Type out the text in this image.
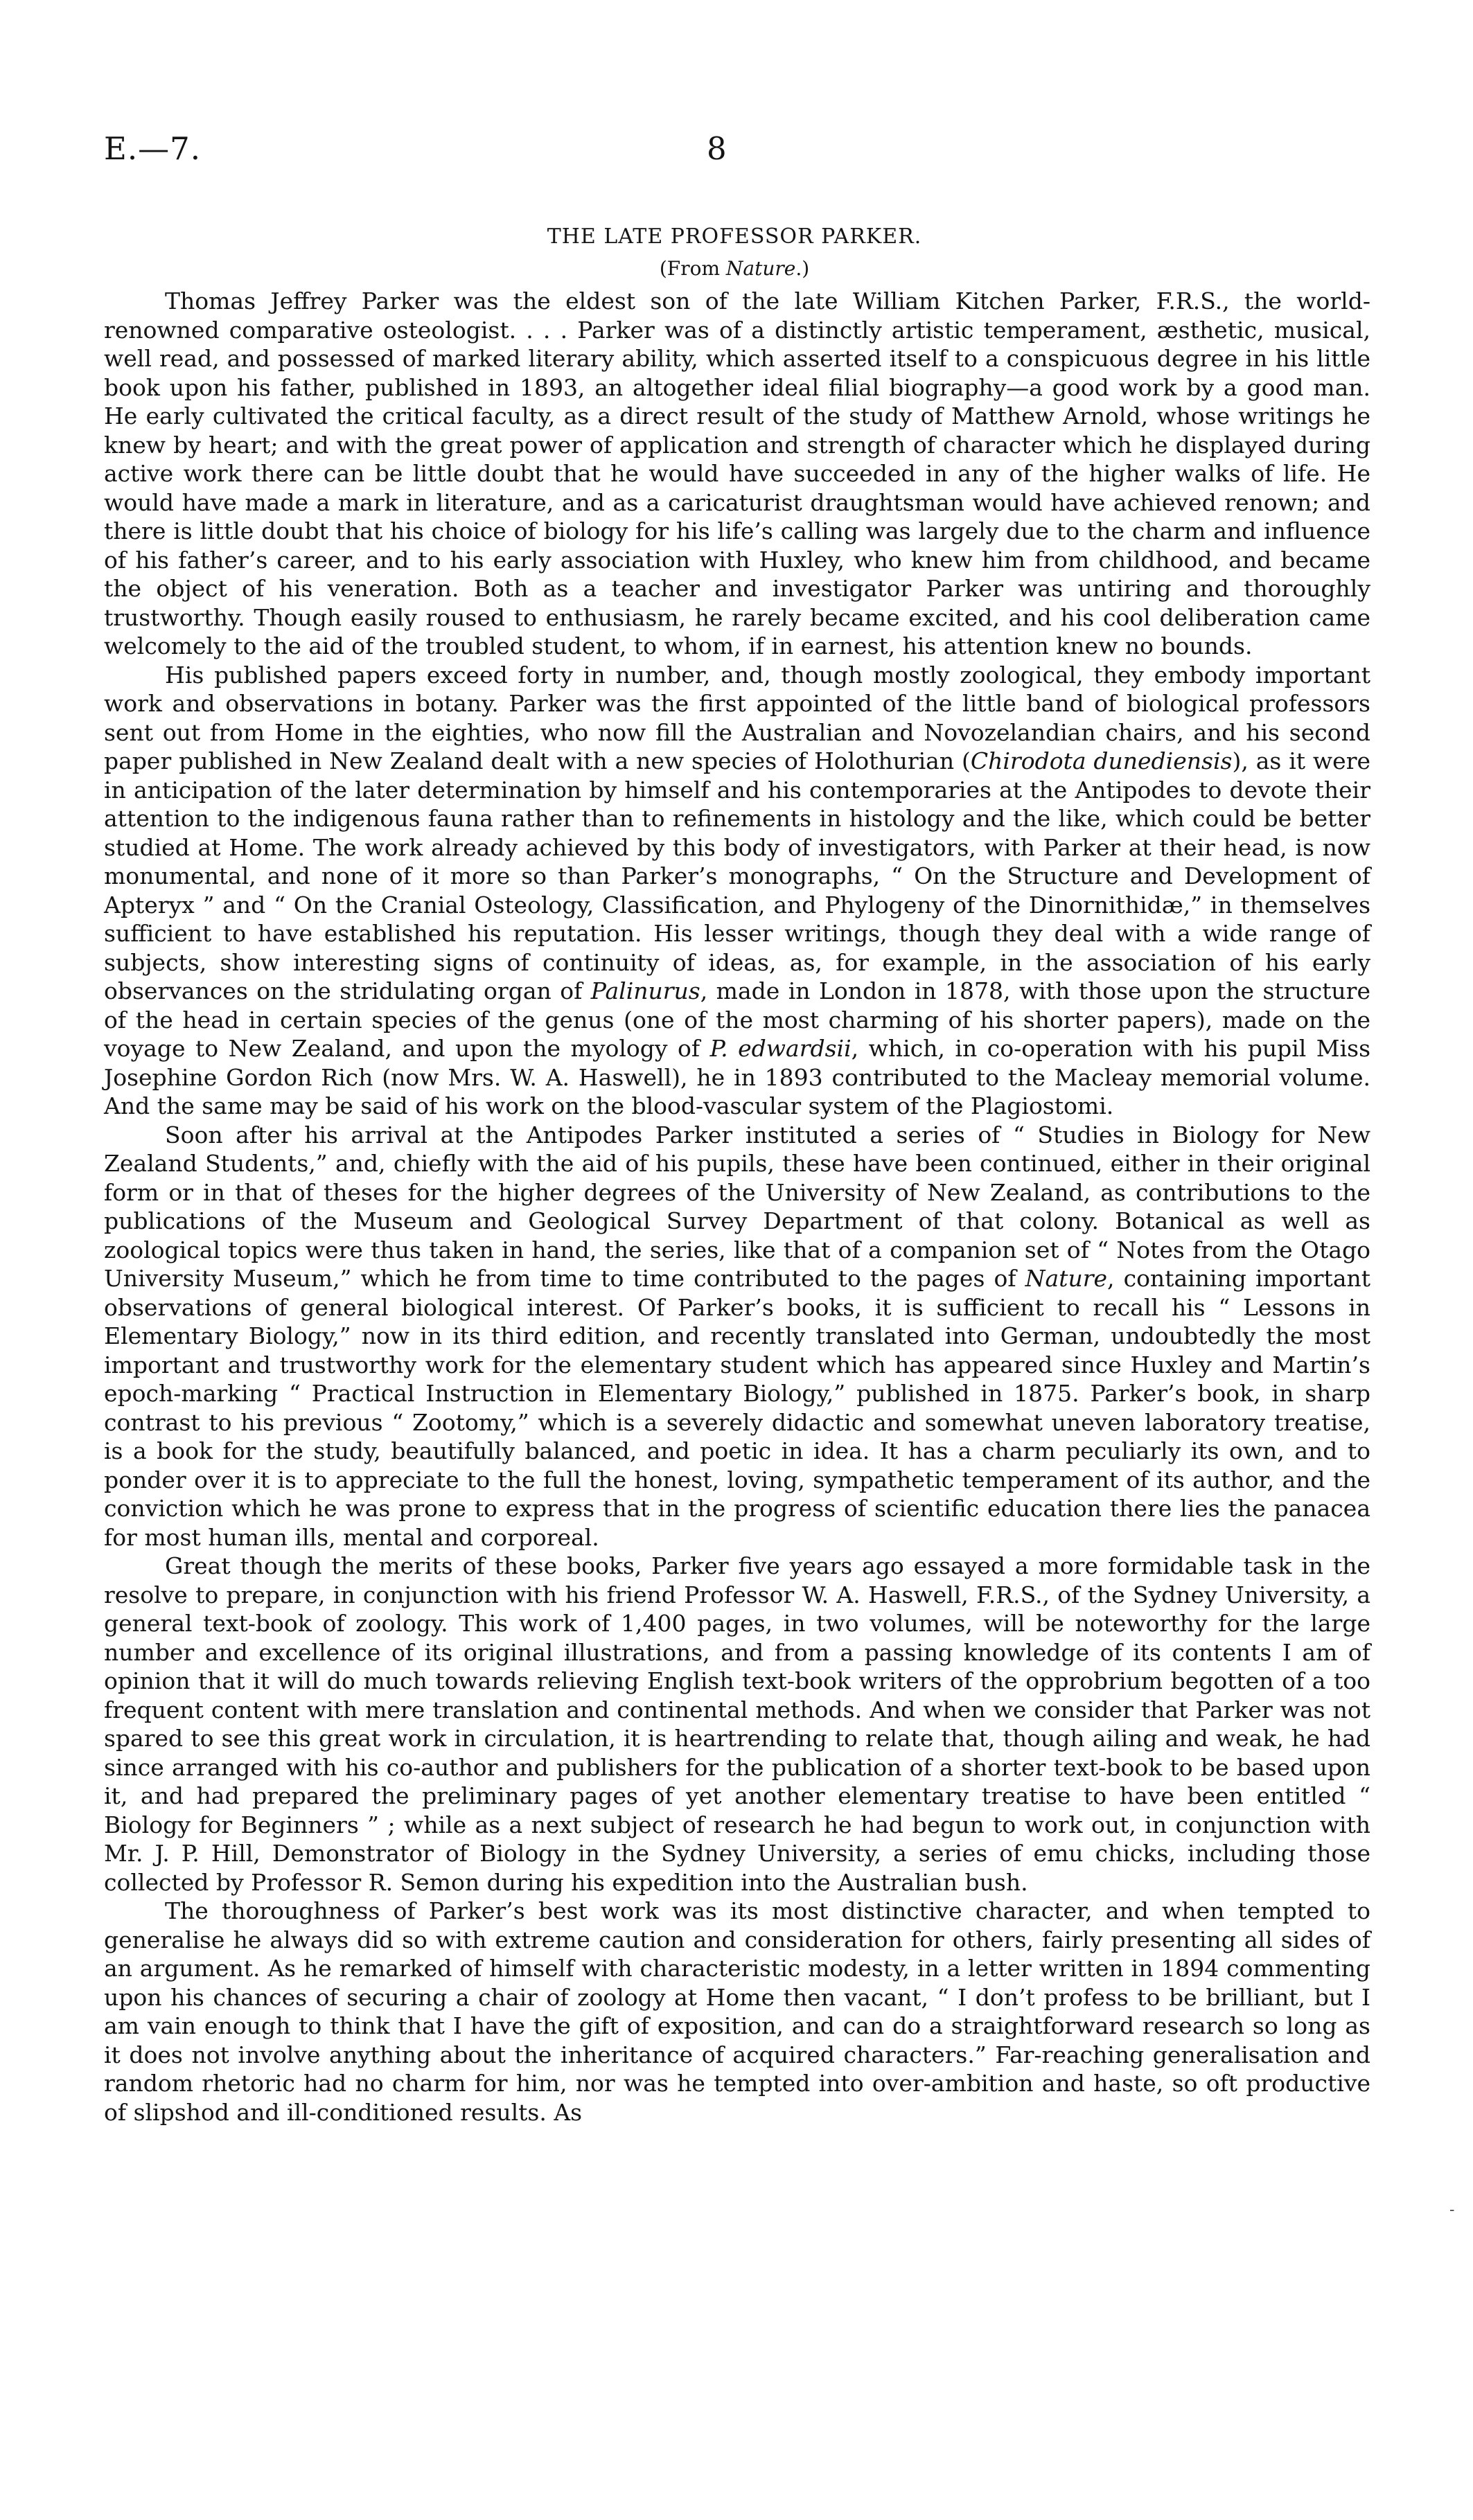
E.—7.	8
THE LATE PROFESSOR PARKER.
(From Nature.)

Thomas Jeffrey Parker was the eldest son of the late William Kitchen Parker, F.R.S., the world-renowned comparative osteologist. . . . Parker was of a distinctly artistic temperament, æsthetic, musical, well read, and possessed of marked literary ability, which asserted itself to a conspicuous degree in his little book upon his father, published in 1893, an altogether ideal filial biography—a good work by a good man. He early cultivated the critical faculty, as a direct result of the study of Matthew Arnold, whose writings he knew by heart; and with the great power of application and strength of character which he displayed during active work there can be little doubt that he would have succeeded in any of the higher walks of life. He would have made a mark in literature, and as a caricaturist draughtsman would have achieved renown; and there is little doubt that his choice of biology for his life’s calling was largely due to the charm and influence of his father’s career, and to his early association with Huxley, who knew him from childhood, and became the object of his veneration. Both as a teacher and investigator Parker was untiring and thoroughly trustworthy. Though easily roused to enthusiasm, he rarely became excited, and his cool deliberation came welcomely to the aid of the troubled student, to whom, if in earnest, his attention knew no bounds.

His published papers exceed forty in number, and, though mostly zoological, they embody important work and observations in botany. Parker was the first appointed of the little band of biological professors sent out from Home in the eighties, who now fill the Australian and Novozelandian chairs, and his second paper published in New Zealand dealt with a new species of Holothurian (Chirodota dunediensis), as it were in anticipation of the later determination by himself and his contemporaries at the Antipodes to devote their attention to the indigenous fauna rather than to refinements in histology and the like, which could be better studied at Home. The work already achieved by this body of investigators, with Parker at their head, is now monumental, and none of it more so than Parker’s monographs, “ On the Structure and Development of Apteryx ” and “ On the Cranial Osteology, Classification, and Phylogeny of the Dinornithidæ,” in themselves sufficient to have established his reputation. His lesser writings, though they deal with a wide range of subjects, show interesting signs of continuity of ideas, as, for example, in the association of his early observances on the stridulating organ of Palinurus, made in London in 1878, with those upon the structure of the head in certain species of the genus (one of the most charming of his shorter papers), made on the voyage to New Zealand, and upon the myology of P. edwardsii, which, in co-operation with his pupil Miss Josephine Gordon Rich (now Mrs. W. A. Haswell), he in 1893 contributed to the Macleay memorial volume. And the same may be said of his work on the blood-vascular system of the Plagiostomi.

Soon after his arrival at the Antipodes Parker instituted a series of “ Studies in Biology for New Zealand Students,” and, chiefly with the aid of his pupils, these have been continued, either in their original form or in that of theses for the higher degrees of the University of New Zealand, as contributions to the publications of the Museum and Geological Survey Department of that colony. Botanical as well as zoological topics were thus taken in hand, the series, like that of a companion set of “ Notes from the Otago University Museum,” which he from time to time contributed to the pages of Nature, containing important observations of general biological interest. Of Parker’s books, it is sufficient to recall his “ Lessons in Elementary Biology,” now in its third edition, and recently translated into German, undoubtedly the most important and trustworthy work for the elementary student which has appeared since Huxley and Martin’s epoch-marking “ Practical Instruction in Elementary Biology,” published in 1875. Parker’s book, in sharp contrast to his previous “ Zootomy,” which is a severely didactic and somewhat uneven laboratory treatise, is a book for the study, beautifully balanced, and poetic in idea. It has a charm peculiarly its own, and to ponder over it is to appreciate to the full the honest, loving, sympathetic temperament of its author, and the conviction which he was prone to express that in the progress of scientific education there lies the panacea for most human ills, mental and corporeal.

Great though the merits of these books, Parker five years ago essayed a more formidable task in the resolve to prepare, in conjunction with his friend Professor W. A. Haswell, F.R.S., of the Sydney University, a general text-book of zoology. This work of 1,400 pages, in two volumes, will be noteworthy for the large number and excellence of its original illustrations, and from a passing knowledge of its contents I am of opinion that it will do much towards relieving English text-book writers of the opprobrium begotten of a too frequent content with mere translation and continental methods. And when we consider that Parker was not spared to see this great work in circulation, it is heartrending to relate that, though ailing and weak, he had since arranged with his co-author and publishers for the publication of a shorter text-book to be based upon it, and had prepared the preliminary pages of yet another elementary treatise to have been entitled “ Biology for Beginners ” ; while as a next subject of research he had begun to work out, in conjunction with Mr. J. P. Hill, Demonstrator of Biology in the Sydney University, a series of emu chicks, including those collected by Professor R. Semon during his expedition into the Australian bush.

The thoroughness of Parker’s best work was its most distinctive character, and when tempted to generalise he always did so with extreme caution and consideration for others, fairly presenting all sides of an argument. As he remarked of himself with characteristic modesty, in a letter written in 1894 commenting upon his chances of securing a chair of zoology at Home then vacant, “ I don’t profess to be brilliant, but I am vain enough to think that I have the gift of exposition, and can do a straightforward research so long as it does not involve anything about the inheritance of acquired characters.” Far-reaching generalisation and random rhetoric had no charm for him, nor was he tempted into over-ambition and haste, so oft productive of slipshod and ill-conditioned results. As

‐
